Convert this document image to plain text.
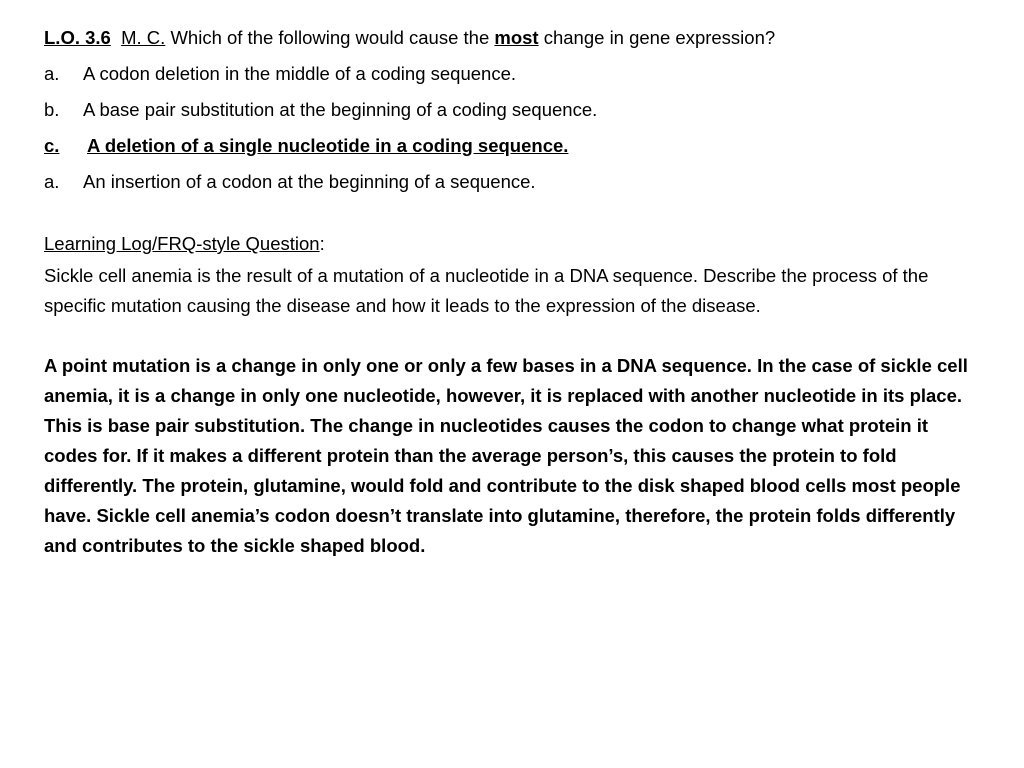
L.O. 3.6 M. C. Which of the following would cause the most change in gene expression?
a.	A codon deletion in the middle of a coding sequence.
b.	A base pair substitution at the beginning of a coding sequence.
c.	A deletion of a single nucleotide in a coding sequence.
a.	An insertion of a codon at the beginning of a sequence.
Learning Log/FRQ-style Question:

Sickle cell anemia is the result of a mutation of a nucleotide in a DNA sequence. Describe the process of the specific mutation causing the disease and how it leads to the expression of the disease.

A point mutation is a change in only one or only a few bases in a DNA sequence. In the case of sickle cell anemia, it is a change in only one nucleotide, however, it is replaced with another nucleotide in its place. This is base pair substitution. The change in nucleotides causes the codon to change what protein it codes for. If it makes a different protein than the average person’s, this causes the protein to fold differently. The protein, glutamine, would fold and contribute to the disk shaped blood cells most people have. Sickle cell anemia’s codon doesn’t translate into glutamine, therefore, the protein folds differently and contributes to the sickle shaped blood.
